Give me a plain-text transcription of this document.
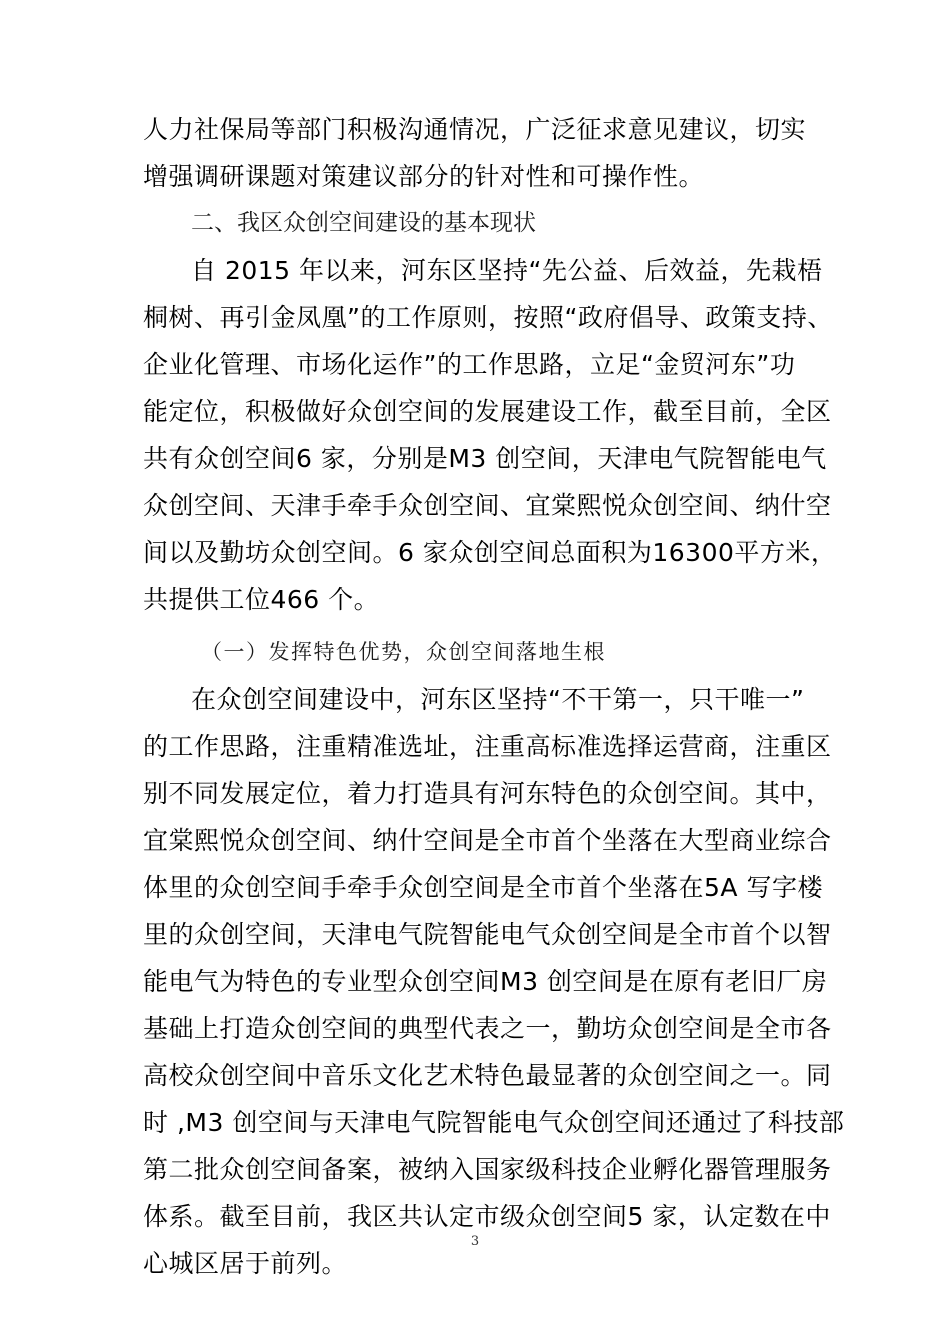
人力社保局等部门积极沟通情况，广泛征求意见建议，切实

增强调研课题对策建议部分的针对性和可操作性。

二、我区众创空间建设的基本现状

自 2015 年以来，河东区坚持“先公益、后效益，先栽梧

桐树、再引金凤凰”的工作原则，按照“政府倡导、政策支持、

企业化管理、市场化运作”的工作思路，立足“金贸河东”功

能定位，积极做好众创空间的发展建设工作，截至目前，全区

共有众创空间6 家，分别是M3 创空间，天津电气院智能电气

众创空间、天津手牵手众创空间、宜棠熙悦众创空间、纳什空

间以及勤坊众创空间。6 家众创空间总面积为16300平方米，

共提供工位466 个。

（一）发挥特色优势，众创空间落地生根

在众创空间建设中，河东区坚持“不干第一，只干唯一”

的工作思路，注重精准选址，注重高标准选择运营商，注重区

别不同发展定位，着力打造具有河东特色的众创空间。其中，

宜棠熙悦众创空间、纳什空间是全市首个坐落在大型商业综合

体里的众创空间手牵手众创空间是全市首个坐落在5A 写字楼

里的众创空间，天津电气院智能电气众创空间是全市首个以智

能电气为特色的专业型众创空间M3 创空间是在原有老旧厂房

基础上打造众创空间的典型代表之一，勤坊众创空间是全市各

高校众创空间中音乐文化艺术特色最显著的众创空间之一。同

时 ,M3 创空间与天津电气院智能电气众创空间还通过了科技部

第二批众创空间备案，被纳入国家级科技企业孵化器管理服务

体系。截至目前，我区共认定市级众创空间5 家，认定数在中

心城区居于前列。

3
